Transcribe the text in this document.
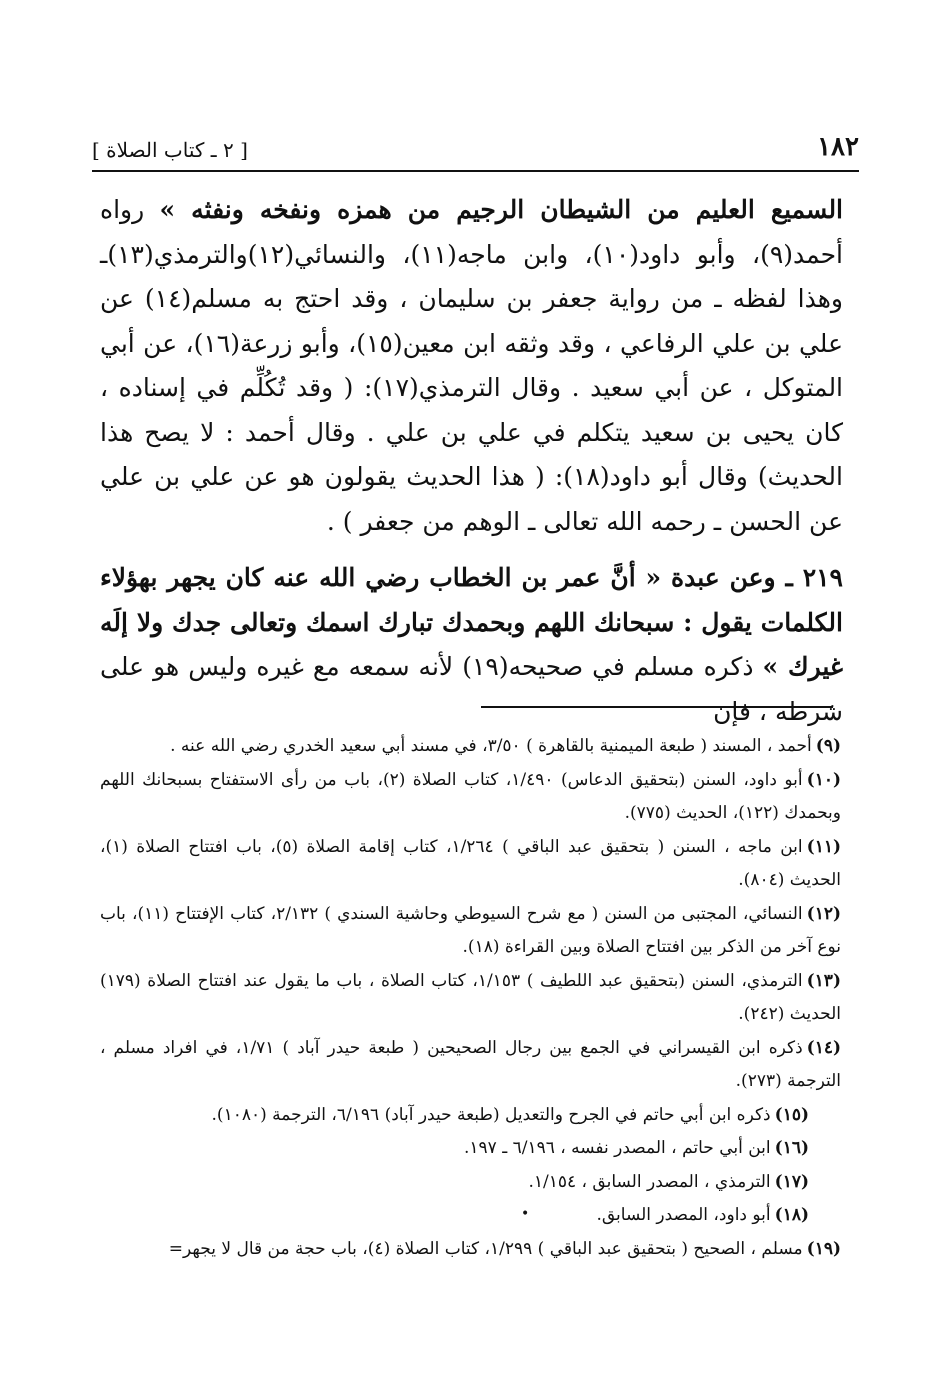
١٨٢
[ ٢ ـ كتاب الصلاة ]

السميع العليم من الشيطان الرجيم من همزه ونفخه ونفثه » رواه أحمد(٩)، وأبو داود(١٠)، وابن ماجه(١١)، والنسائي(١٢)والترمذي(١٣)ـ وهذا لفظه ـ من رواية جعفر بن سليمان ، وقد احتج به مسلم(١٤) عن علي بن علي الرفاعي ، وقد وثقه ابن معين(١٥)، وأبو زرعة(١٦)، عن أبي المتوكل ، عن أبي سعيد . وقال الترمذي(١٧): ( وقد تُكُلِّم في إسناده ، كان يحيى بن سعيد يتكلم في علي بن علي . وقال أحمد : لا يصح هذا الحديث) وقال أبو داود(١٨): ( هذا الحديث يقولون هو عن علي بن علي عن الحسن ـ رحمه الله تعالى ـ الوهم من جعفر ) .

٢١٩ ـ وعن عبدة « أنَّ عمر بن الخطاب رضي الله عنه كان يجهر بهؤلاء الكلمات يقول : سبحانك اللهم وبحمدك تبارك اسمك وتعالى جدك ولا إلَه غيرك » ذكره مسلم في صحيحه(١٩) لأنه سمعه مع غيره وليس هو على شرطه ، فإن

(٩)أحمد ، المسند ( طبعة الميمنية بالقاهرة ) ٣/٥٠، في مسند أبي سعيد الخدري رضي الله عنه .

(١٠)أبو داود، السنن (بتحقيق الدعاس) ١/٤٩٠، كتاب الصلاة (٢)، باب من رأى الاستفتاح بسبحانك اللهم وبحمدك (١٢٢)، الحديث (٧٧٥).

(١١)ابن ماجه ، السنن ( بتحقيق عبد الباقي ) ١/٢٦٤، كتاب إقامة الصلاة (٥)، باب افتتاح الصلاة (١)، الحديث (٨٠٤).

(١٢)النسائي، المجتبى من السنن ( مع شرح السيوطي وحاشية السندي ) ٢/١٣٢، كتاب الإفتتاح (١١)، باب نوع آخر من الذكر بين افتتاح الصلاة وبين القراءة (١٨).

(١٣)الترمذي، السنن (بتحقيق عبد اللطيف ) ١/١٥٣، كتاب الصلاة ، باب ما يقول عند افتتاح الصلاة (١٧٩) الحديث (٢٤٢).

(١٤)ذكره ابن القيسراني في الجمع بين رجال الصحيحين ( طبعة حيدر آباد ) ١/٧١، في افراد مسلم ، الترجمة (٢٧٣).

(١٥)ذكره ابن أبي حاتم في الجرح والتعديل (طبعة حيدر آباد) ٦/١٩٦، الترجمة (١٠٨٠).

(١٦)ابن أبي حاتم ، المصدر نفسه ، ٦/١٩٦ ـ ١٩٧.

(١٧)الترمذي ، المصدر السابق ، ١/١٥٤.

(١٨)أبو داود، المصدر السابق.

(١٩)مسلم ، الصحيح ( بتحقيق عبد الباقي ) ١/٢٩٩، كتاب الصلاة (٤)، باب حجة من قال لا يجهر=

•
